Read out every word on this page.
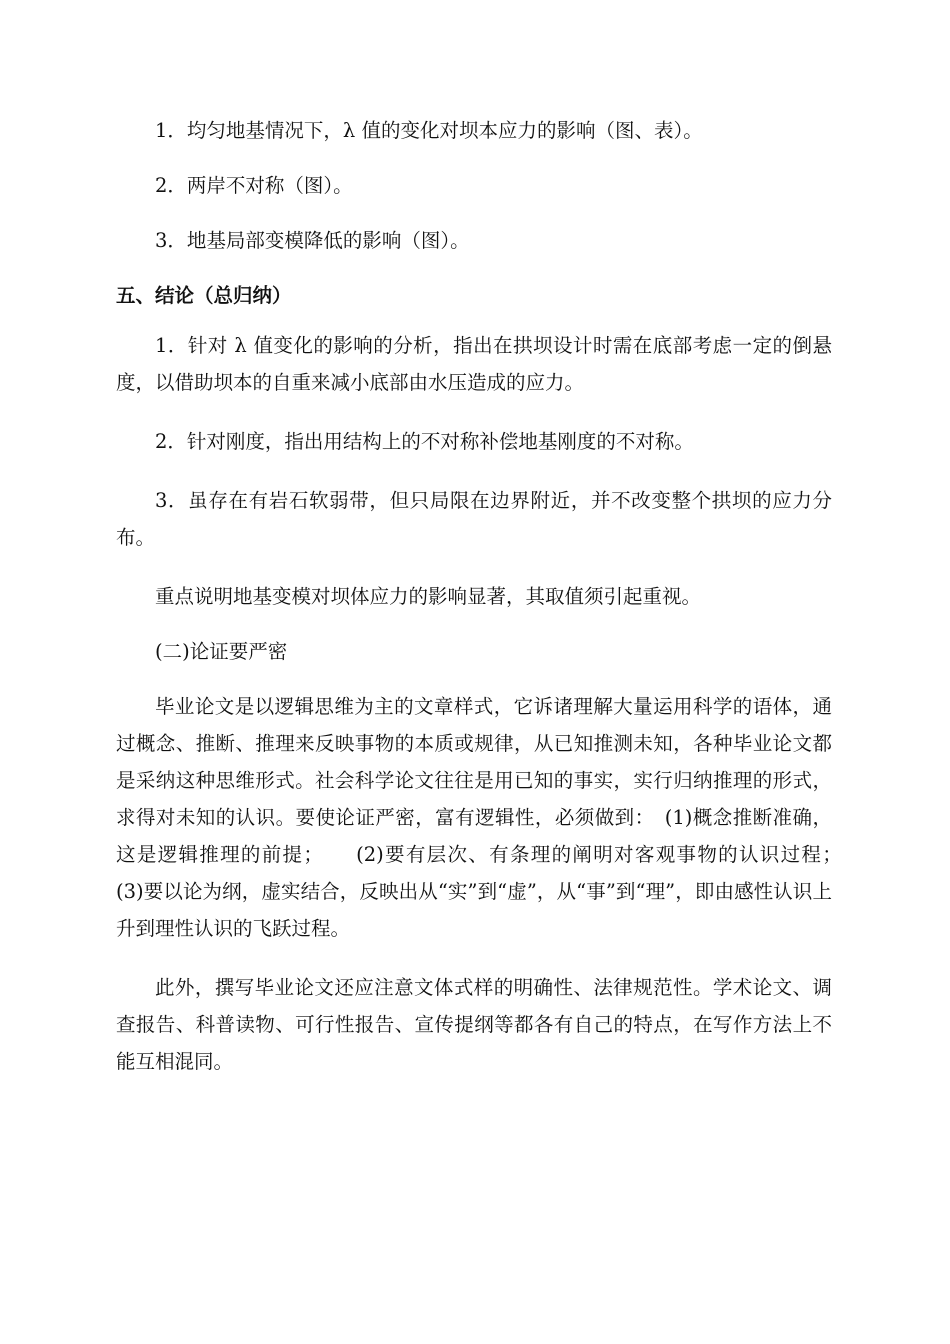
1．均匀地基情况下，λ 值的变化对坝本应力的影响（图、表）。

2．两岸不对称（图）。

3．地基局部变模降低的影响（图）。

五、结论（总归纳）

1．针对 λ 值变化的影响的分析，指出在拱坝设计时需在底部考虑一定的倒悬度，以借助坝本的自重来减小底部由水压造成的应力。

2．针对刚度，指出用结构上的不对称补偿地基刚度的不对称。

3．虽存在有岩石软弱带，但只局限在边界附近，并不改变整个拱坝的应力分布。

重点说明地基变模对坝体应力的影响显著，其取值须引起重视。

(二)论证要严密

毕业论文是以逻辑思维为主的文章样式，它诉诸理解大量运用科学的语体，通过概念、推断、推理来反映事物的本质或规律，从已知推测未知，各种毕业论文都是采纳这种思维形式。社会科学论文往往是用已知的事实，实行归纳推理的形式，求得对未知的认识。要使论证严密，富有逻辑性，必须做到：　(1)概念推断准确，这是逻辑推理的前提；　　(2)要有层次、有条理的阐明对客观事物的认识过程；　　(3)要以论为纲，虚实结合，反映出从“实”到“虚”，从“事”到“理”，即由感性认识上升到理性认识的飞跃过程。

此外，撰写毕业论文还应注意文体式样的明确性、法律规范性。学术论文、调查报告、科普读物、可行性报告、宣传提纲等都各有自己的特点，在写作方法上不能互相混同。
